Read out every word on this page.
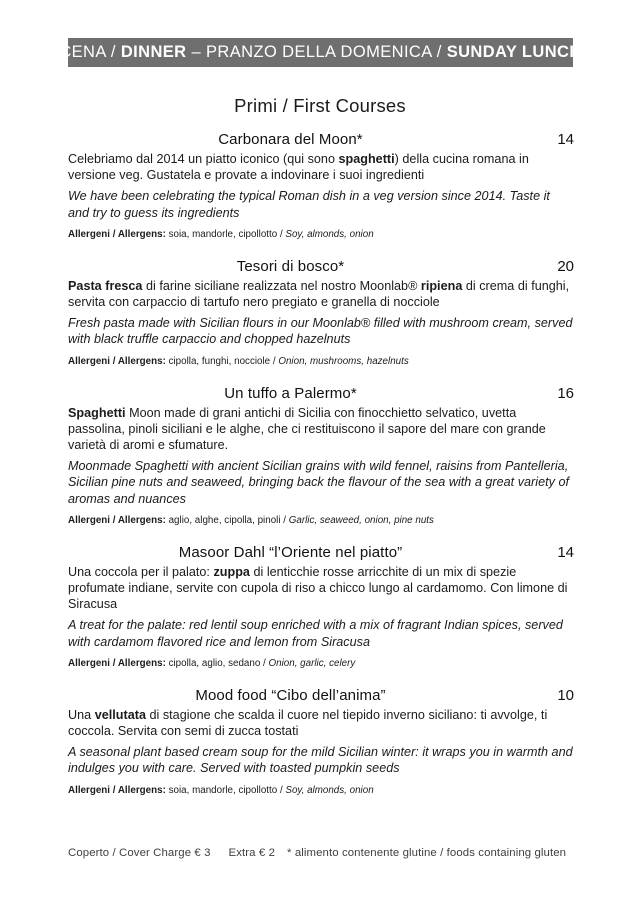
CENA / DINNER – PRANZO DELLA DOMENICA / SUNDAY LUNCH
Primi / First Courses
Carbonara del Moon*	14
Celebriamo dal 2014 un piatto iconico (qui sono spaghetti) della cucina romana in versione veg. Gustatela e provate a indovinare i suoi ingredienti
We have been celebrating the typical Roman dish in a veg version since 2014. Taste it and try to guess its ingredients
Allergeni / Allergens: soia, mandorle, cipollotto / Soy, almonds, onion
Tesori di bosco*	20
Pasta fresca di farine siciliane realizzata nel nostro Moonlab® ripiena di crema di funghi, servita con carpaccio di tartufo nero pregiato e granella di nocciole
Fresh pasta made with Sicilian flours in our Moonlab® filled with mushroom cream, served with black truffle carpaccio and chopped hazelnuts
Allergeni / Allergens: cipolla, funghi, nocciole / Onion, mushrooms, hazelnuts
Un tuffo a Palermo*	16
Spaghetti Moon made di grani antichi di Sicilia con finocchietto selvatico, uvetta passolina, pinoli siciliani e le alghe, che ci restituiscono il sapore del mare con grande varietà di aromi e sfumature.
Moonmade Spaghetti with ancient Sicilian grains with wild fennel, raisins from Pantelleria, Sicilian pine nuts and seaweed, bringing back the flavour of the sea with a great variety of aromas and nuances
Allergeni / Allergens: aglio, alghe, cipolla, pinoli / Garlic, seaweed, onion, pine nuts
Masoor Dahl “l’Oriente nel piatto”	14
Una coccola per il palato: zuppa di lenticchie rosse arricchite di un mix di spezie profumate indiane, servite con cupola di riso a chicco lungo al cardamomo. Con limone di Siracusa
A treat for the palate: red lentil soup enriched with a mix of fragrant Indian spices, served with cardamom flavored rice and lemon from Siracusa
Allergeni / Allergens: cipolla, aglio, sedano / Onion, garlic, celery
Mood food “Cibo dell’anima”	10
Una vellutata di stagione che scalda il cuore nel tiepido inverno siciliano: ti avvolge, ti coccola. Servita con semi di zucca tostati
A seasonal plant based cream soup for the mild Sicilian winter: it wraps you in warmth and indulges you with care. Served with toasted pumpkin seeds
Allergeni / Allergens: soia, mandorle, cipollotto / Soy, almonds, onion
Coperto / Cover Charge € 3 Extra € 2 * alimento contenente glutine / foods containing gluten
